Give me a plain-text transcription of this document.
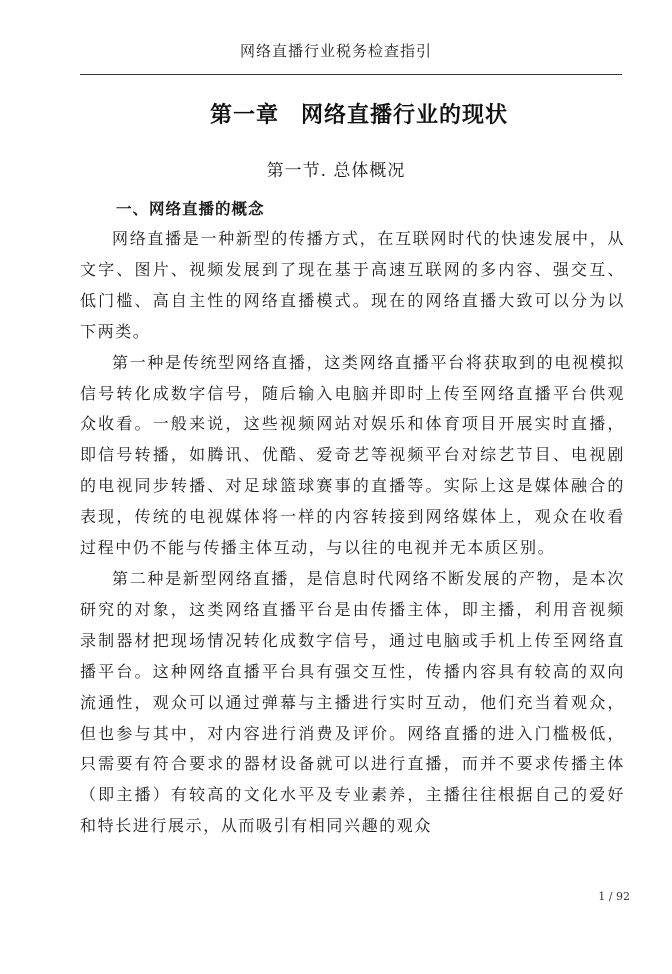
网络直播行业税务检查指引
第一章 网络直播行业的现状
第一节. 总体概况
一、网络直播的概念

网络直播是一种新型的传播方式，在互联网时代的快速发展中，从文字、图片、视频发展到了现在基于高速互联网的多内容、强交互、低门槛、高自主性的网络直播模式。现在的网络直播大致可以分为以下两类。

第一种是传统型网络直播，这类网络直播平台将获取到的电视模拟信号转化成数字信号，随后输入电脑并即时上传至网络直播平台供观众收看。一般来说，这些视频网站对娱乐和体育项目开展实时直播，即信号转播，如腾讯、优酷、爱奇艺等视频平台对综艺节目、电视剧的电视同步转播、对足球篮球赛事的直播等。实际上这是媒体融合的表现，传统的电视媒体将一样的内容转接到网络媒体上，观众在收看过程中仍不能与传播主体互动，与以往的电视并无本质区别。

第二种是新型网络直播，是信息时代网络不断发展的产物，是本次研究的对象，这类网络直播平台是由传播主体，即主播，利用音视频录制器材把现场情况转化成数字信号，通过电脑或手机上传至网络直播平台。这种网络直播平台具有强交互性，传播内容具有较高的双向流通性，观众可以通过弹幕与主播进行实时互动，他们充当着观众，但也参与其中，对内容进行消费及评价。网络直播的进入门槛极低，只需要有符合要求的器材设备就可以进行直播，而并不要求传播主体（即主播）有较高的文化水平及专业素养，主播往往根据自己的爱好和特长进行展示，从而吸引有相同兴趣的观众

1 / 92
